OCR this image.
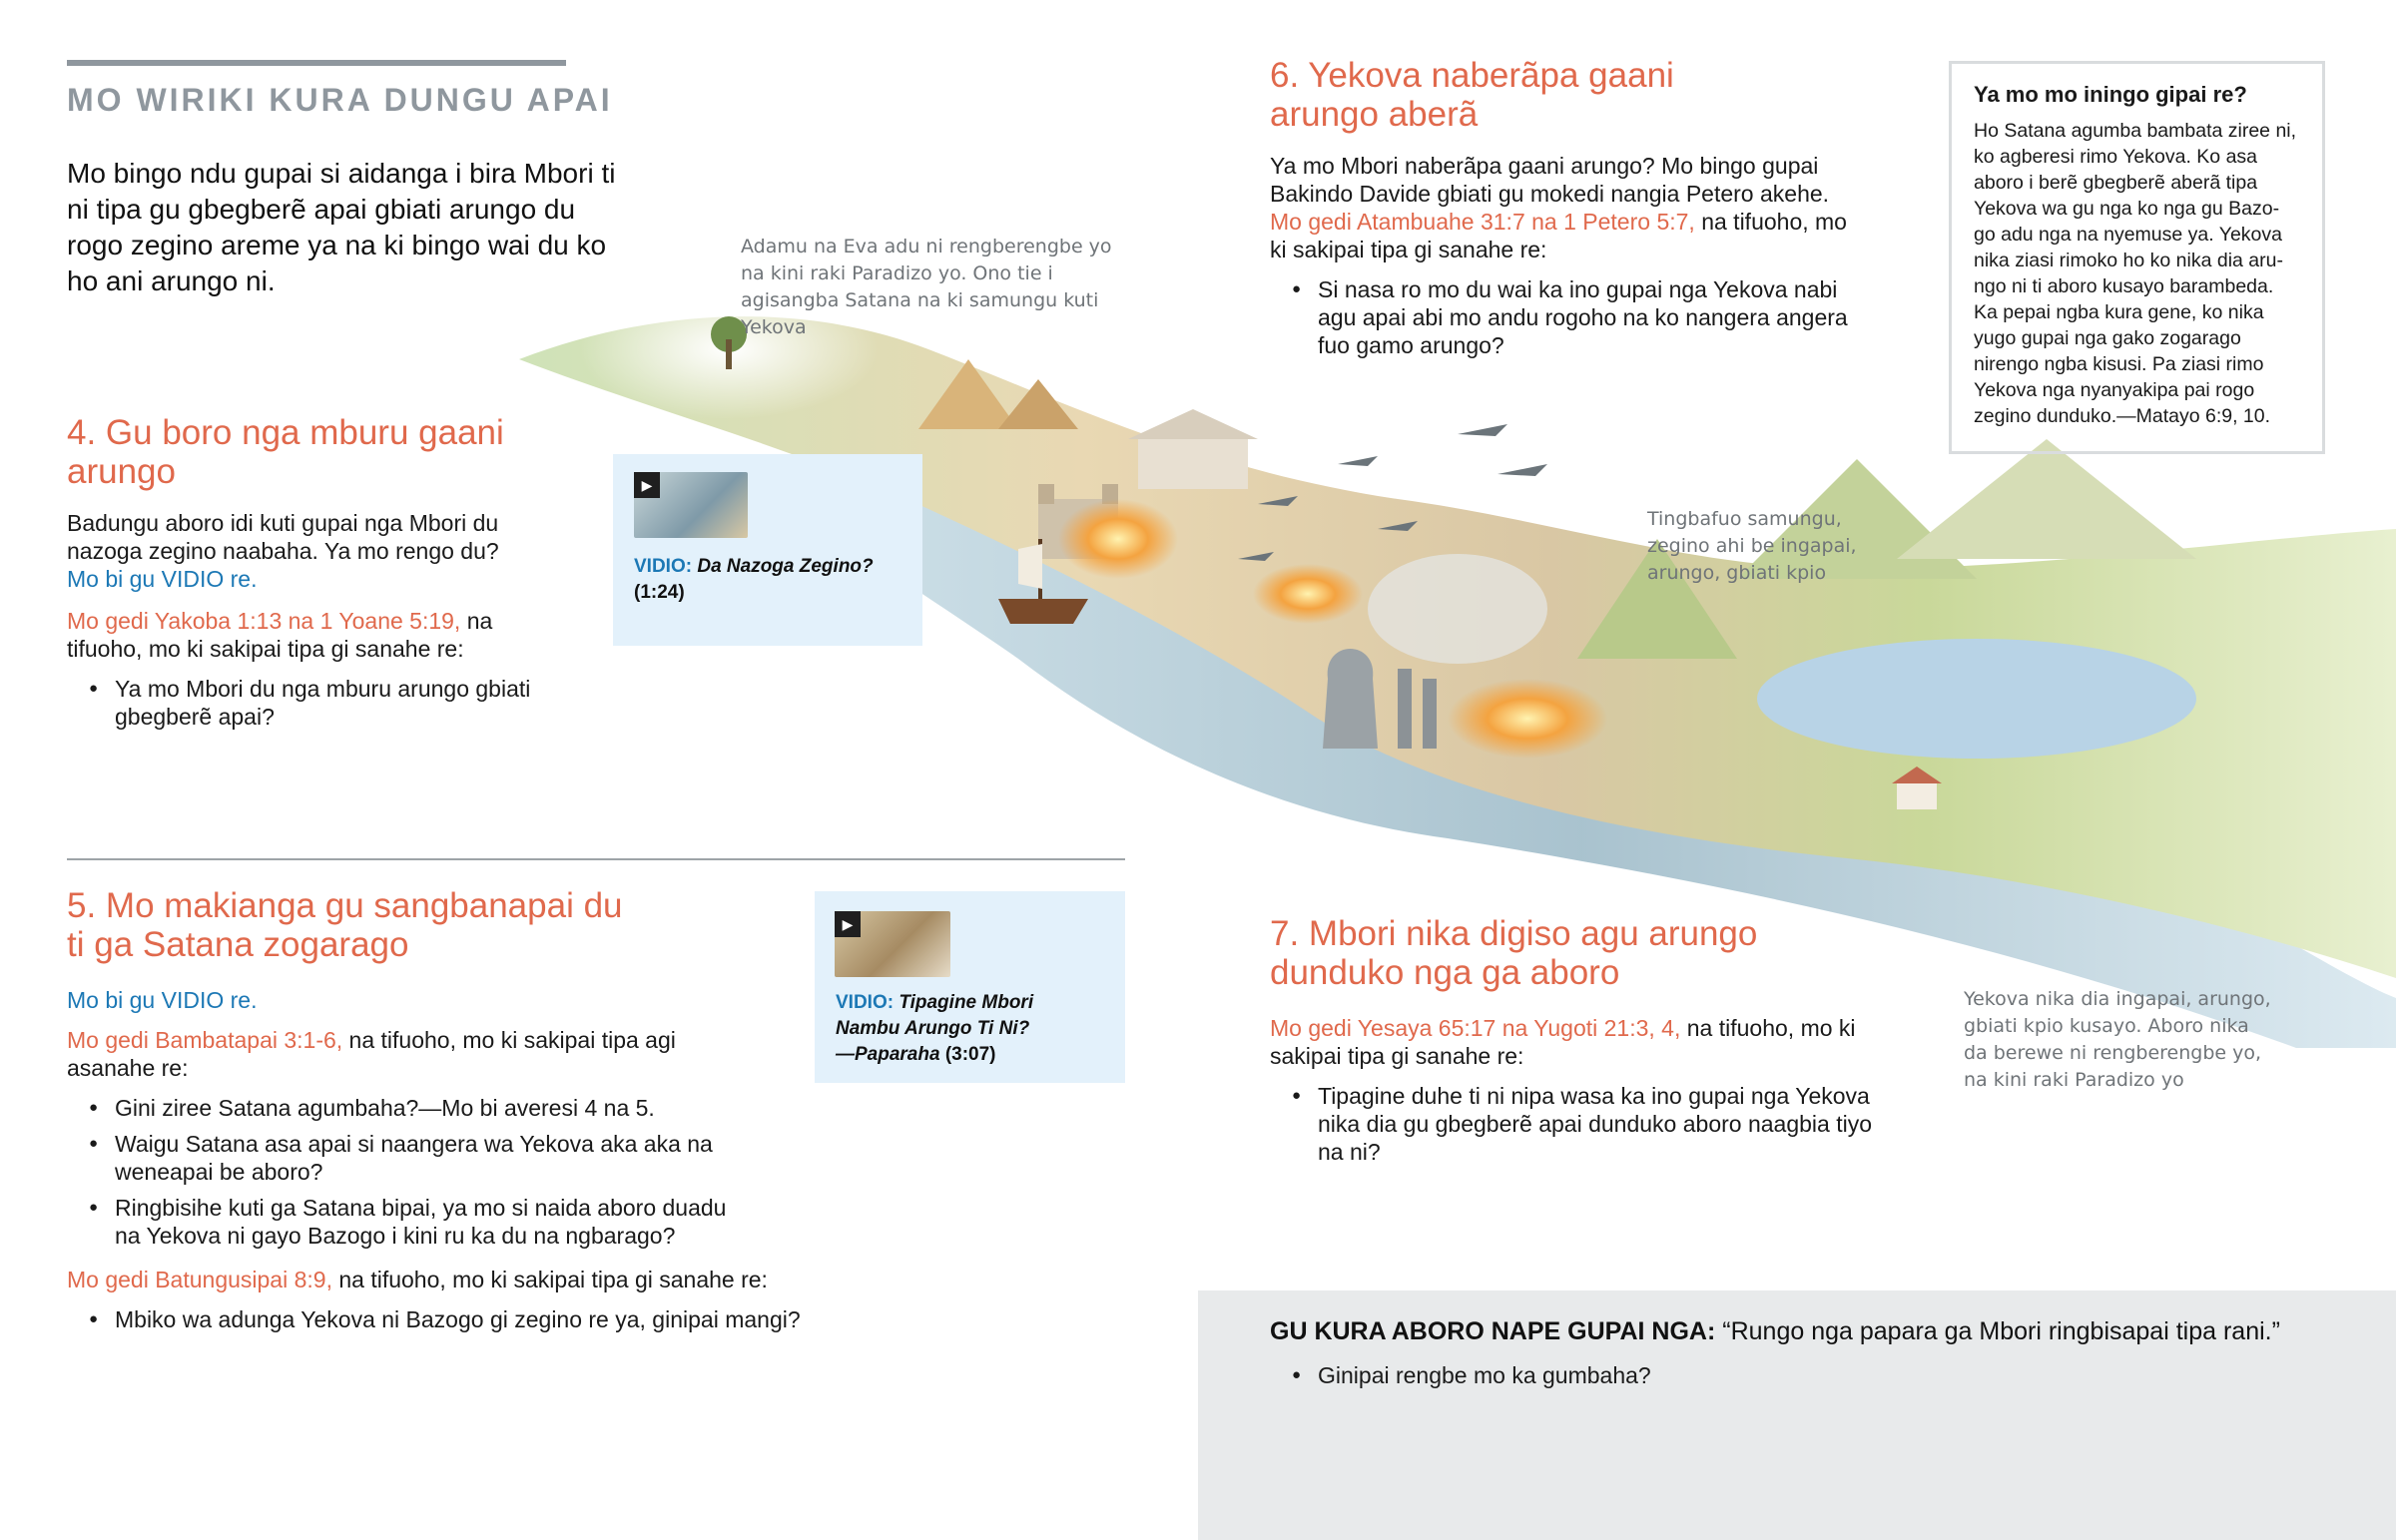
MO WIRIKI KURA DUNGU APAI
Mo bingo ndu gupai si aidanga i bira Mbori ti ni tipa gu gbegberẽ apai gbiati arungo du rogo zegino areme ya na ki bingo wai du ko ho ani arungo ni.
4. Gu boro nga mburu gaani arungo
Badungu aboro idi kuti gupai nga Mbori du nazoga zegino naabaha. Ya mo rengo du?
Mo bi gu VIDIO re.
Mo gedi Yakoba 1:13 na 1 Yoane 5:19, na tifuoho, mo ki sakipai tipa gi sanahe re:
● Ya mo Mbori du nga mburu arungo gbiati gbegberẽ apai?
▶
VIDIO: Da Nazoga Zegino?
(1:24)
Adamu na Eva adu ni rengberengbe yo na kini raki Paradizo yo. Ono tie i agisangba Satana na ki samungu kuti Yekova
Tingbafuo samungu, zegino ahi be ingapai, arungo, gbiati kpio
Yekova nika dia ingapai, arungo, gbiati kpio kusayo. Aboro nika da berewe ni rengberengbe yo, na kini raki Paradizo yo
6. Yekova naberãpa gaani arungo aberã
Ya mo Mbori naberãpa gaani arungo? Mo bingo gupai Bakindo Davide gbiati gu mokedi nangia Petero akehe.
Mo gedi Atambuahe 31:7 na 1 Petero 5:7, na tifuoho, mo ki sakipai tipa gi sanahe re:
● Si nasa ro mo du wai ka ino gupai nga Yekova nabi agu apai abi mo andu rogoho na ko nangera angera fuo gamo arungo?
Ya mo mo iningo gipai re?
Ho Satana agumba bambata ziree ni, ko agberesi rimo Yekova. Ko asa aboro i berẽ gbegberẽ aberã tipa Yekova wa gu nga ko nga gu Bazo-go adu nga na nyemuse ya. Yekova nika ziasi rimoko ho ko nika dia aru-ngo ni ti aboro kusayo barambeda. Ka pepai ngba kura gene, ko nika yugo gupai nga gako zogarago nirengo ngba kisusi. Pa ziasi rimo Yekova nga nyanyakipa pai rogo zegino dunduko.—Matayo 6:9, 10.
5. Mo makianga gu sangbanapai du ti ga Satana zogarago
Mo bi gu VIDIO re.
Mo gedi Bambatapai 3:1-6, na tifuoho, mo ki sakipai tipa agi asanahe re:
● Gini ziree Satana agumbaha?—Mo bi averesi 4 na 5.
● Waigu Satana asa apai si naangera wa Yekova aka aka na weneapai be aboro?
● Ringbisihe kuti ga Satana bipai, ya mo si naida aboro duadu na Yekova ni gayo Bazogo i kini ru ka du na ngbarago?
Mo gedi Batungusipai 8:9, na tifuoho, mo ki sakipai tipa gi sanahe re:
● Mbiko wa adunga Yekova ni Bazogo gi zegino re ya, ginipai mangi?
▶
VIDIO: Tipagine Mbori
Nambu Arungo Ti Ni?
—Paparaha (3:07)
7. Mbori nika digiso agu arungo dunduko nga ga aboro
Mo gedi Yesaya 65:17 na Yugoti 21:3, 4, na tifuoho, mo ki sakipai tipa gi sanahe re:
● Tipagine duhe ti ni nipa wasa ka ino gupai nga Yekova nika dia gu gbegberẽ apai dunduko aboro naagbia tiyo na ni?
GU KURA ABORO NAPE GUPAI NGA: “Rungo nga papara ga Mbori ringbisapai tipa rani.”
● Ginipai rengbe mo ka gumbaha?
